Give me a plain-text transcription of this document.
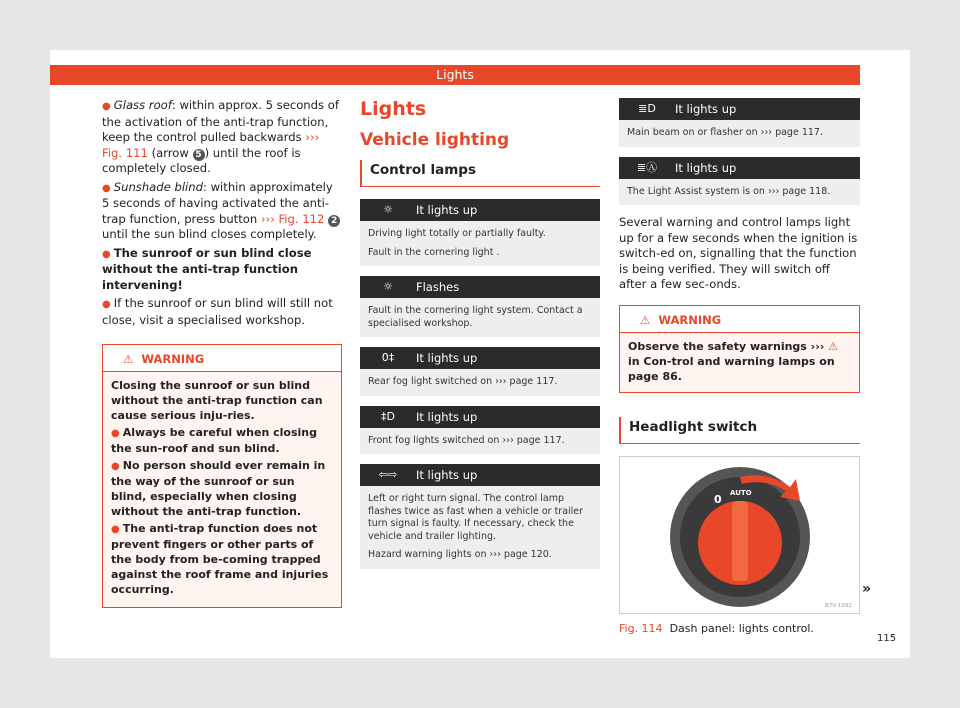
Lights

● Glass roof: within approx. 5 seconds of the activation of the anti-trap function, keep the control pulled backwards ››› Fig. 111 (arrow 5 ) until the roof is completely closed.

● Sunshade blind: within approximately 5 seconds of having activated the anti-trap function, press button ››› Fig. 112 2 until the sun blind closes completely.

● The sunroof or sun blind close without the anti-trap function intervening!

● If the sunroof or sun blind will still not close, visit a specialised workshop.

⚠ WARNING

Closing the sunroof or sun blind without the anti-trap function can cause serious inju-ries.

● Always be careful when closing the sun-roof and sun blind.

● No person should ever remain in the way of the sunroof or sun blind, especially when closing without the anti-trap function.

● The anti-trap function does not prevent fingers or other parts of the body from be-coming trapped against the roof frame and injuries occurring.

Lights
Vehicle lighting
Control lamps
☼	It lights up

Driving light totally or partially faulty.

Fault in the cornering light .

☼	Flashes

Fault in the cornering light system. Contact a specialised workshop.

0‡	It lights up

Rear fog light switched on ››› page 117.

‡D	It lights up

Front fog lights switched on ››› page 117.

⇦⇨	It lights up

Left or right turn signal. The control lamp flashes twice as fast when a vehicle or trailer turn signal is faulty. If necessary, check the vehicle and trailer lighting.

Hazard warning lights on ››› page 120.

≣D	It lights up

Main beam on or flasher on ››› page 117.

≣Ⓐ	It lights up

The Light Assist system is on ››› page 118.

Several warning and control lamps light up for a few seconds when the ignition is switch-ed on, signalling that the function is being verified. They will switch off after a few sec-onds.

⚠ WARNING
Observe the safety warnings ››› ⚠ in Con-trol and warning lamps on page 86.
Headlight switch
0 AUTO
B7V-1092
Fig. 114 Dash panel: lights control.
»
115
